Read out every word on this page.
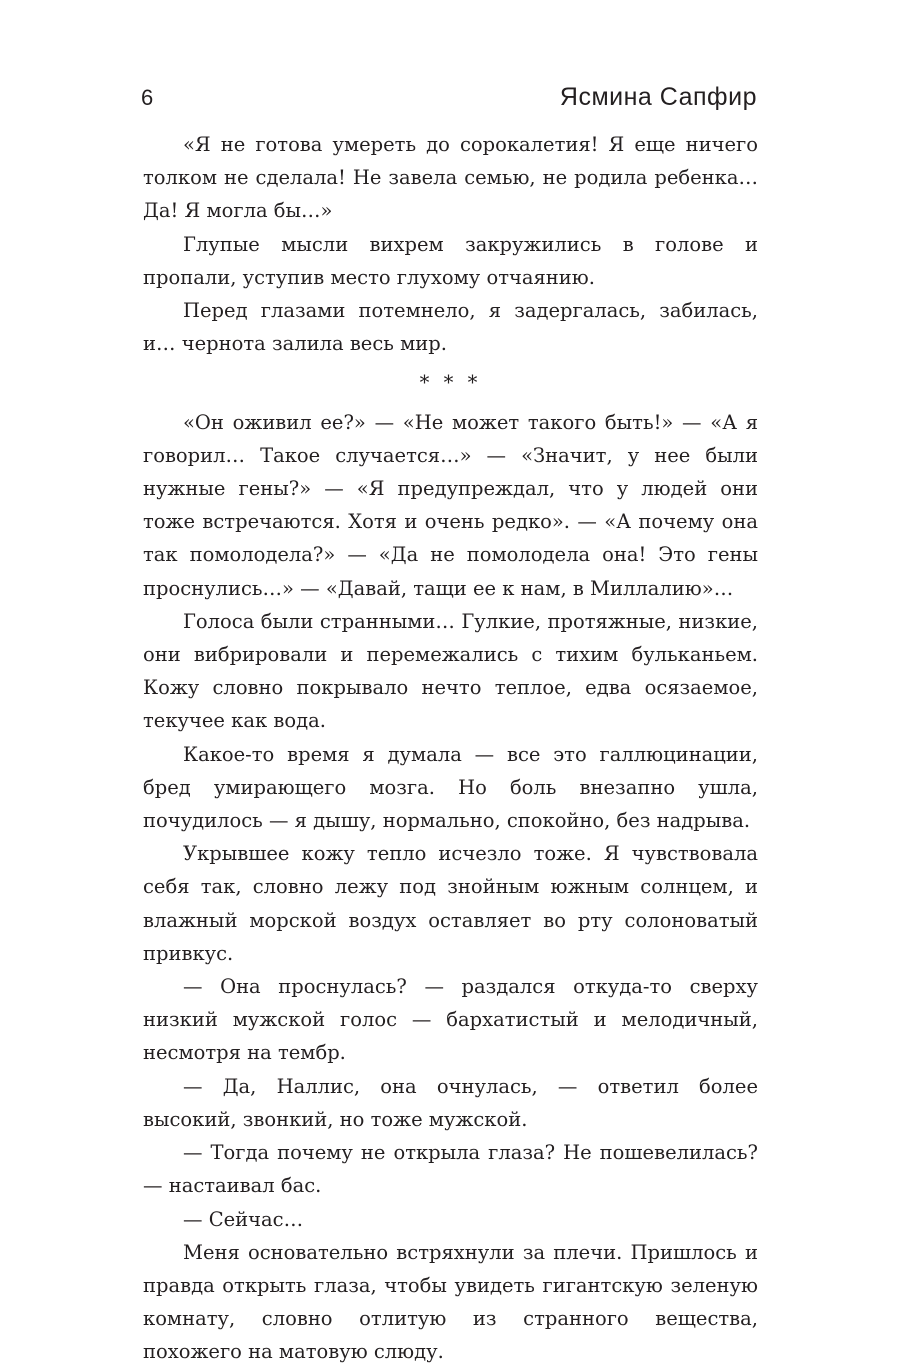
6	Ясмина Сапфир

«Я не готова умереть до сорокалетия! Я еще ничего толком не сделала! Не завела семью, не родила ребенка… Да! Я могла бы…»

Глупые мысли вихрем закружились в голове и пропали, уступив место глухому отчаянию.

Перед глазами потемнело, я задергалась, забилась, и… чернота залила весь мир.

* * *

«Он оживил ее?» — «Не может такого быть!» — «А я говорил… Такое случается…» — «Значит, у нее были нужные гены?» — «Я предупреждал, что у людей они тоже встречаются. Хотя и очень редко». — «А почему она так помолодела?» — «Да не помолодела она! Это гены проснулись…» — «Давай, тащи ее к нам, в Миллалию»…

Голоса были странными… Гулкие, протяжные, низкие, они вибрировали и перемежались с тихим бульканьем. Кожу словно покрывало нечто теплое, едва осязаемое, текучее как вода.

Какое-то время я думала — все это галлюцинации, бред умирающего мозга. Но боль внезапно ушла, почудилось — я дышу, нормально, спокойно, без надрыва.

Укрывшее кожу тепло исчезло тоже. Я чувствовала себя так, словно лежу под знойным южным солнцем, и влажный морской воздух оставляет во рту солоноватый привкус.

— Она проснулась? — раздался откуда-то сверху низкий мужской голос — бархатистый и мелодичный, несмотря на тембр.

— Да, Наллис, она очнулась, — ответил более высокий, звонкий, но тоже мужской.

— Тогда почему не открыла глаза? Не пошевелилась? — настаивал бас.

— Сейчас…

Меня основательно встряхнули за плечи. Пришлось и правда открыть глаза, чтобы увидеть гигантскую зеленую комнату, словно отлитую из странного вещества, похожего на матовую слюду.
